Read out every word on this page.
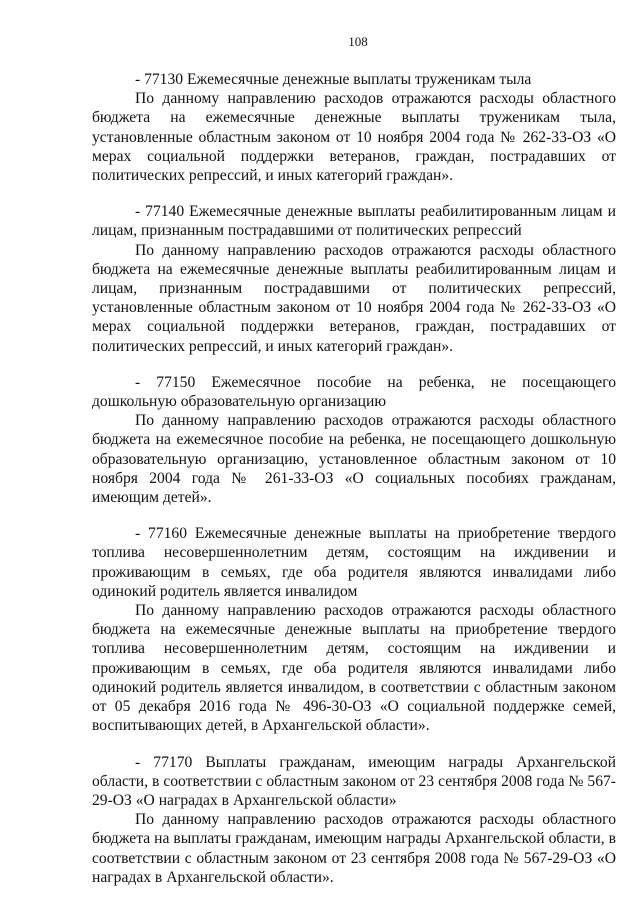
108

- 77130 Ежемесячные денежные выплаты труженикам тыла

По данному направлению расходов отражаются расходы областного бюджета на ежемесячные денежные выплаты труженикам тыла, установленные областным законом от 10 ноября 2004 года № 262-33-ОЗ «О мерах социальной поддержки ветеранов, граждан, пострадавших от политических репрессий, и иных категорий граждан».

- 77140 Ежемесячные денежные выплаты реабилитированным лицам и лицам, признанным пострадавшими от политических репрессий

По данному направлению расходов отражаются расходы областного бюджета на ежемесячные денежные выплаты реабилитированным лицам и лицам, признанным пострадавшими от политических репрессий, установленные областным законом от 10 ноября 2004 года № 262-33-ОЗ «О мерах социальной поддержки ветеранов, граждан, пострадавших от политических репрессий, и иных категорий граждан».

- 77150 Ежемесячное пособие на ребенка, не посещающего дошкольную образовательную организацию

По данному направлению расходов отражаются расходы областного бюджета на ежемесячное пособие на ребенка, не посещающего дошкольную образовательную организацию, установленное областным законом от 10 ноября 2004 года № 261-33-ОЗ «О социальных пособиях гражданам, имеющим детей».

- 77160 Ежемесячные денежные выплаты на приобретение твердого топлива несовершеннолетним детям, состоящим на иждивении и проживающим в семьях, где оба родителя являются инвалидами либо одинокий родитель является инвалидом

По данному направлению расходов отражаются расходы областного бюджета на ежемесячные денежные выплаты на приобретение твердого топлива несовершеннолетним детям, состоящим на иждивении и проживающим в семьях, где оба родителя являются инвалидами либо одинокий родитель является инвалидом, в соответствии с областным законом от 05 декабря 2016 года № 496-30-ОЗ «О социальной поддержке семей, воспитывающих детей, в Архангельской области».

- 77170 Выплаты гражданам, имеющим награды Архангельской области, в соответствии с областным законом от 23 сентября 2008 года № 567-29-ОЗ «О наградах в Архангельской области»

По данному направлению расходов отражаются расходы областного бюджета на выплаты гражданам, имеющим награды Архангельской области, в соответствии с областным законом от 23 сентября 2008 года № 567-29-ОЗ «О наградах в Архангельской области».
